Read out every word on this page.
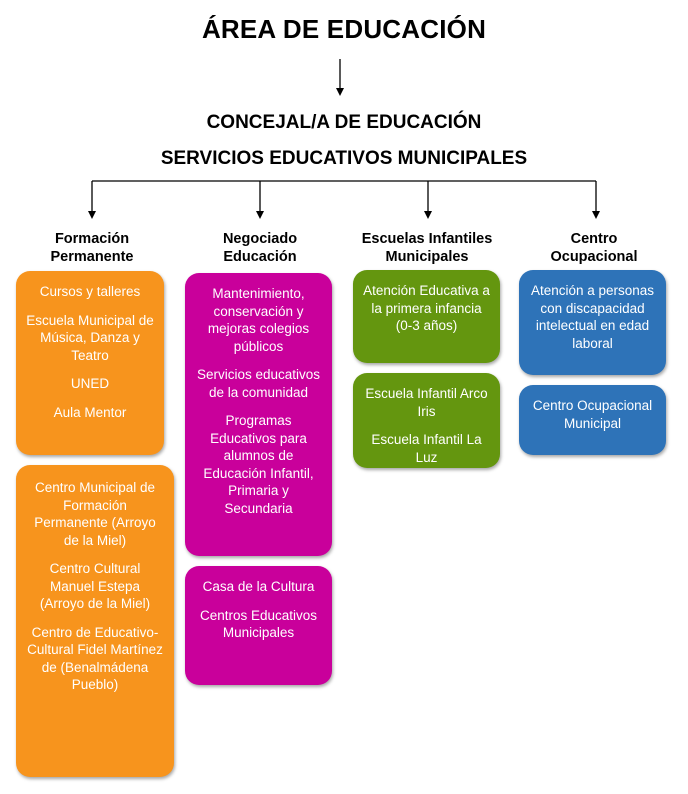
ÁREA DE EDUCACIÓN
CONCEJAL/A DE EDUCACIÓN
SERVICIOS EDUCATIVOS MUNICIPALES
Formación Permanente
Cursos y talleres
Escuela Municipal de Música, Danza y Teatro
UNED
Aula Mentor
Centro Municipal de Formación Permanente (Arroyo de la Miel)
Centro Cultural Manuel Estepa (Arroyo de la Miel)
Centro de Educativo-Cultural Fidel Martínez de (Benalmádena Pueblo)
Negociado Educación
Mantenimiento, conservación y mejoras colegios públicos
Servicios educativos de la comunidad
Programas Educativos para alumnos de Educación Infantil, Primaria y Secundaria
Casa de la Cultura
Centros Educativos Municipales
Escuelas Infantiles Municipales
Atención Educativa a la primera infancia (0-3 años)
Escuela Infantil Arco Iris
Escuela Infantil La Luz
Centro Ocupacional
Atención a personas con discapacidad intelectual en edad laboral
Centro Ocupacional Municipal
